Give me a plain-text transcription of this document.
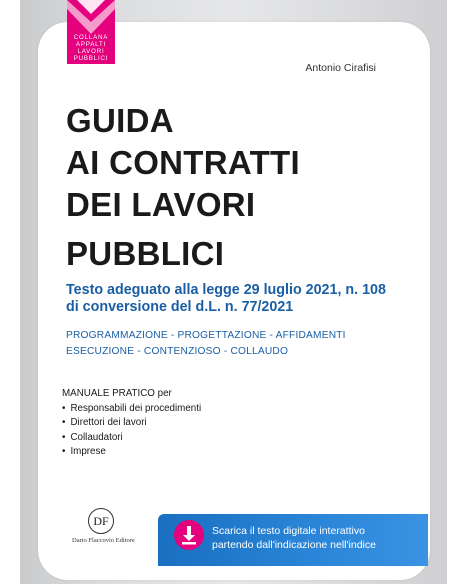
COLLANA
APPALTI
LAVORI
PUBBLICI
Antonio Cirafisi
GUIDA
AI CONTRATTI
DEI LAVORI
PUBBLICI
Testo adeguato alla legge 29 luglio 2021, n. 108
di conversione del d.L. n. 77/2021
PROGRAMMAZIONE - PROGETTAZIONE - AFFIDAMENTI
ESECUZIONE - CONTENZIOSO - COLLAUDO
MANUALE PRATICO per
• Responsabili dei procedimenti
• Direttori dei lavori
• Collaudatori
• Imprese
DF
Dario Flaccovio Editore
Scarica il testo digitale interattivo
partendo dall'indicazione nell'indice
